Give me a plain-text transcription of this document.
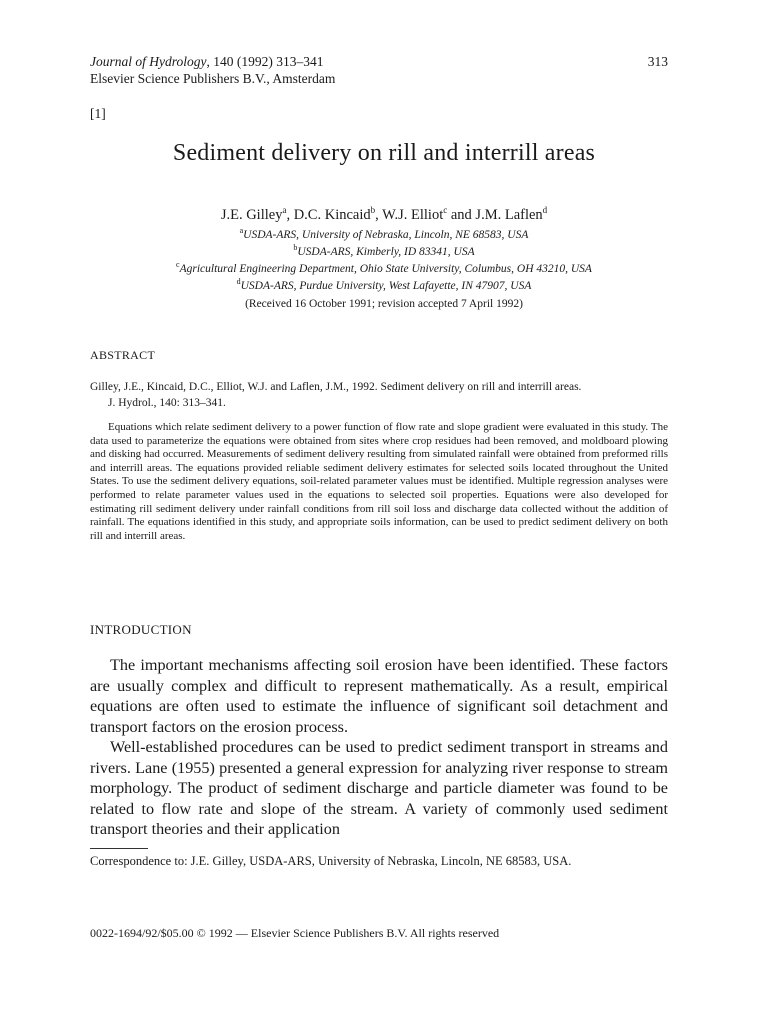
Journal of Hydrology, 140 (1992) 313–341
Elsevier Science Publishers B.V., Amsterdam
313
[1]
Sediment delivery on rill and interrill areas
J.E. Gilley$^a$, D.C. Kincaid$^b$, W.J. Elliot$^c$ and J.M. Laflen$^d$
$^a$USDA-ARS, University of Nebraska, Lincoln, NE 68583, USA
$^b$USDA-ARS, Kimberly, ID 83341, USA
$^c$Agricultural Engineering Department, Ohio State University, Columbus, OH 43210, USA
$^d$USDA-ARS, Purdue University, West Lafayette, IN 47907, USA
(Received 16 October 1991; revision accepted 7 April 1992)
ABSTRACT
Gilley, J.E., Kincaid, D.C., Elliot, W.J. and Laflen, J.M., 1992. Sediment delivery on rill and interrill areas.
J. Hydrol., 140: 313–341.

Equations which relate sediment delivery to a power function of flow rate and slope gradient were evaluated in this study. The data used to parameterize the equations were obtained from sites where crop residues had been removed, and moldboard plowing and disking had occurred. Measurements of sediment delivery resulting from simulated rainfall were obtained from preformed rills and interrill areas. The equations provided reliable sediment delivery estimates for selected soils located throughout the United States. To use the sediment delivery equations, soil-related parameter values must be identified. Multiple regression analyses were performed to relate parameter values used in the equations to selected soil properties. Equations were also developed for estimating rill sediment delivery under rainfall conditions from rill soil loss and discharge data collected without the addition of rainfall. The equations identified in this study, and appropriate soils information, can be used to predict sediment delivery on both rill and interrill areas.

INTRODUCTION

The important mechanisms affecting soil erosion have been identified. These factors are usually complex and difficult to represent mathematically. As a result, empirical equations are often used to estimate the influence of significant soil detachment and transport factors on the erosion process.

Well-established procedures can be used to predict sediment transport in streams and rivers. Lane (1955) presented a general expression for analyzing river response to stream morphology. The product of sediment discharge and particle diameter was found to be related to flow rate and slope of the stream. A variety of commonly used sediment transport theories and their application

Correspondence to: J.E. Gilley, USDA-ARS, University of Nebraska, Lincoln, NE 68583, USA.
0022-1694/92/$05.00 © 1992 — Elsevier Science Publishers B.V. All rights reserved
